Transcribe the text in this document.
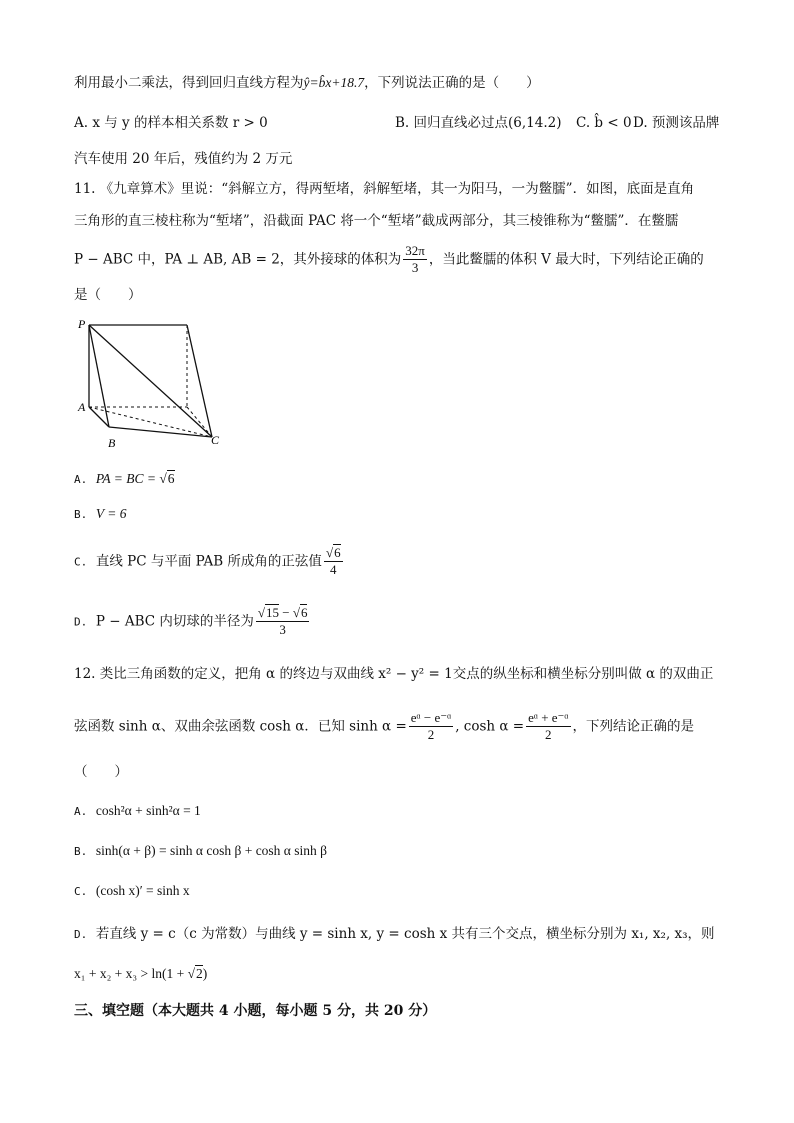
利用最小二乘法，得到回归直线方程为ŷ=b̂x+18.7，下列说法正确的是（　　）
A. x 与 y 的样本相关系数 r > 0	B. 回归直线必过点(6,14.2) C. b̂ < 0 D. 预测该品牌
汽车使用 20 年后，残值约为 2 万元
11. 《九章算术》里说：“斜解立方，得两堑堵，斜解堑堵，其一为阳马，一为鳖臑”．如图，底面是直角
三角形的直三棱柱称为“堑堵”，沿截面 PAC 将一个“堑堵”截成两部分，其三棱锥称为“鳖臑”．在鳖臑
P − ABC 中，PA ⊥ AB, AB = 2，其外接球的体积为 $\frac{32\pi}{3}$ ，当此鳖臑的体积 V 最大时，下列结论正确的
是（　　）
P
A
B	C
A. PA = BC = √6
B. V = 6
C. 直线 PC 与平面 PAB 所成角的正弦值 $\frac{√6}{4}$
D. P − ABC 内切球的半径为 $\frac{√15 - √6}{3}$
12. 类比三角函数的定义，把角 α 的终边与双曲线 x² − y² = 1交点的纵坐标和横坐标分别叫做 α 的双曲正
弦函数 sinh α、双曲余弦函数 cosh α．已知 $\sinh \alpha = \frac{\text{eᵅ − e⁻ᵅ}}{2}$ , $\cosh \alpha = \frac{\text{eᵅ + e⁻ᵅ}}{2}$ ，下列结论正确的是
（　　）
A. cosh²α + sinh²α = 1
B. sinh(α + β) = sinh α cosh β + cosh α sinh β
C. (cosh x)′ = sinh x
D. 若直线 y = c（c 为常数）与曲线 y = sinh x, y = cosh x 共有三个交点，横坐标分别为 x₁, x₂, x₃，则
x₁ + x₂ + x₃ > ln(1 + √2)
三、填空题（本大题共 4 小题，每小题 5 分，共 20 分）
